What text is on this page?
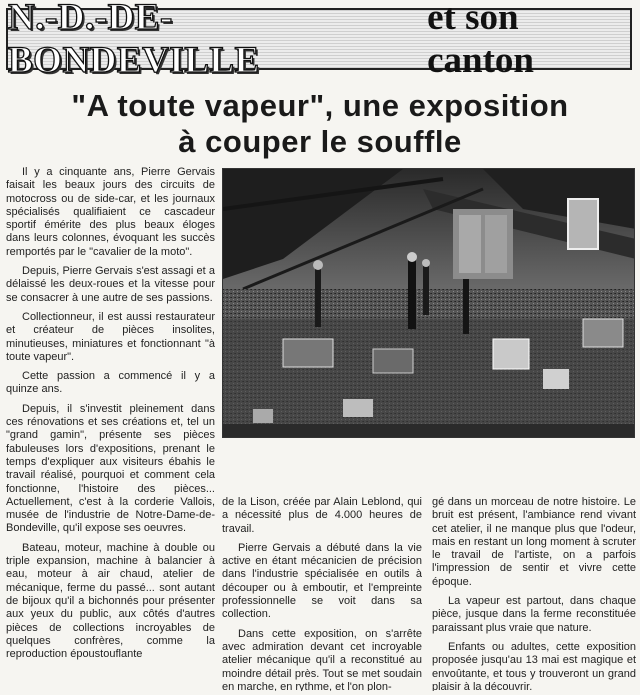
N.-D.-DE-BONDEVILLE
et son canton
"A toute vapeur", une exposition
à couper le souffle

Il y a cinquante ans, Pierre Gervais faisait les beaux jours des circuits de motocross ou de side-car, et les journaux spécialisés qualifiaient ce cascadeur sportif émérite des plus beaux éloges dans leurs colonnes, évoquant les succès remportés par le "cavalier de la moto".

Depuis, Pierre Gervais s'est assagi et a délaissé les deux-roues et la vitesse pour se consacrer à une autre de ses passions.

Collectionneur, il est aussi restaurateur et créateur de pièces insolites, minutieuses, miniatures et fonctionnant "à toute vapeur".

Cette passion a commencé il y a quinze ans.

Depuis, il s'investit pleinement dans ces rénovations et ses créations et, tel un "grand gamin", présente ses pièces fabuleuses lors d'expositions, prenant le temps d'expliquer aux visiteurs ébahis le travail réalisé, pourquoi et comment cela fonctionne, l'histoire des pièces... Actuellement, c'est à la corderie Vallois, musée de l'industrie de Notre-Dame-de-Bondeville, qu'il expose ses oeuvres.

Bateau, moteur, machine à double ou triple expansion, machine à balancier à eau, moteur à air chaud, atelier de mécanique, ferme du passé... sont autant de bijoux qu'il a bichonnés pour présenter aux yeux du public, aux côtés d'autres pièces de collections incroyables de quelques confrères, comme la reproduction époustouflante

de la Lison, créée par Alain Leblond, qui a nécessité plus de 4.000 heures de travail.

Pierre Gervais a débuté dans la vie active en étant mécanicien de précision dans l'industrie spécialisée en outils à découper ou à emboutir, et l'empreinte professionnelle se voit dans sa collection.

Dans cette exposition, on s'arrête avec admiration devant cet incroyable atelier mécanique qu'il a reconstitué au moindre détail près. Tout se met soudain en marche, en rythme, et l'on plon-

gé dans un morceau de notre histoire. Le bruit est présent, l'ambiance rend vivant cet atelier, il ne manque plus que l'odeur, mais en restant un long moment à scruter le travail de l'artiste, on a parfois l'impression de sentir et vivre cette époque.

La vapeur est partout, dans chaque pièce, jusque dans la ferme reconstituée paraissant plus vraie que nature.

Enfants ou adultes, cette exposition proposée jusqu'au 13 mai est magique et envoûtante, et tous y trouveront un grand plaisir à la découvrir.
